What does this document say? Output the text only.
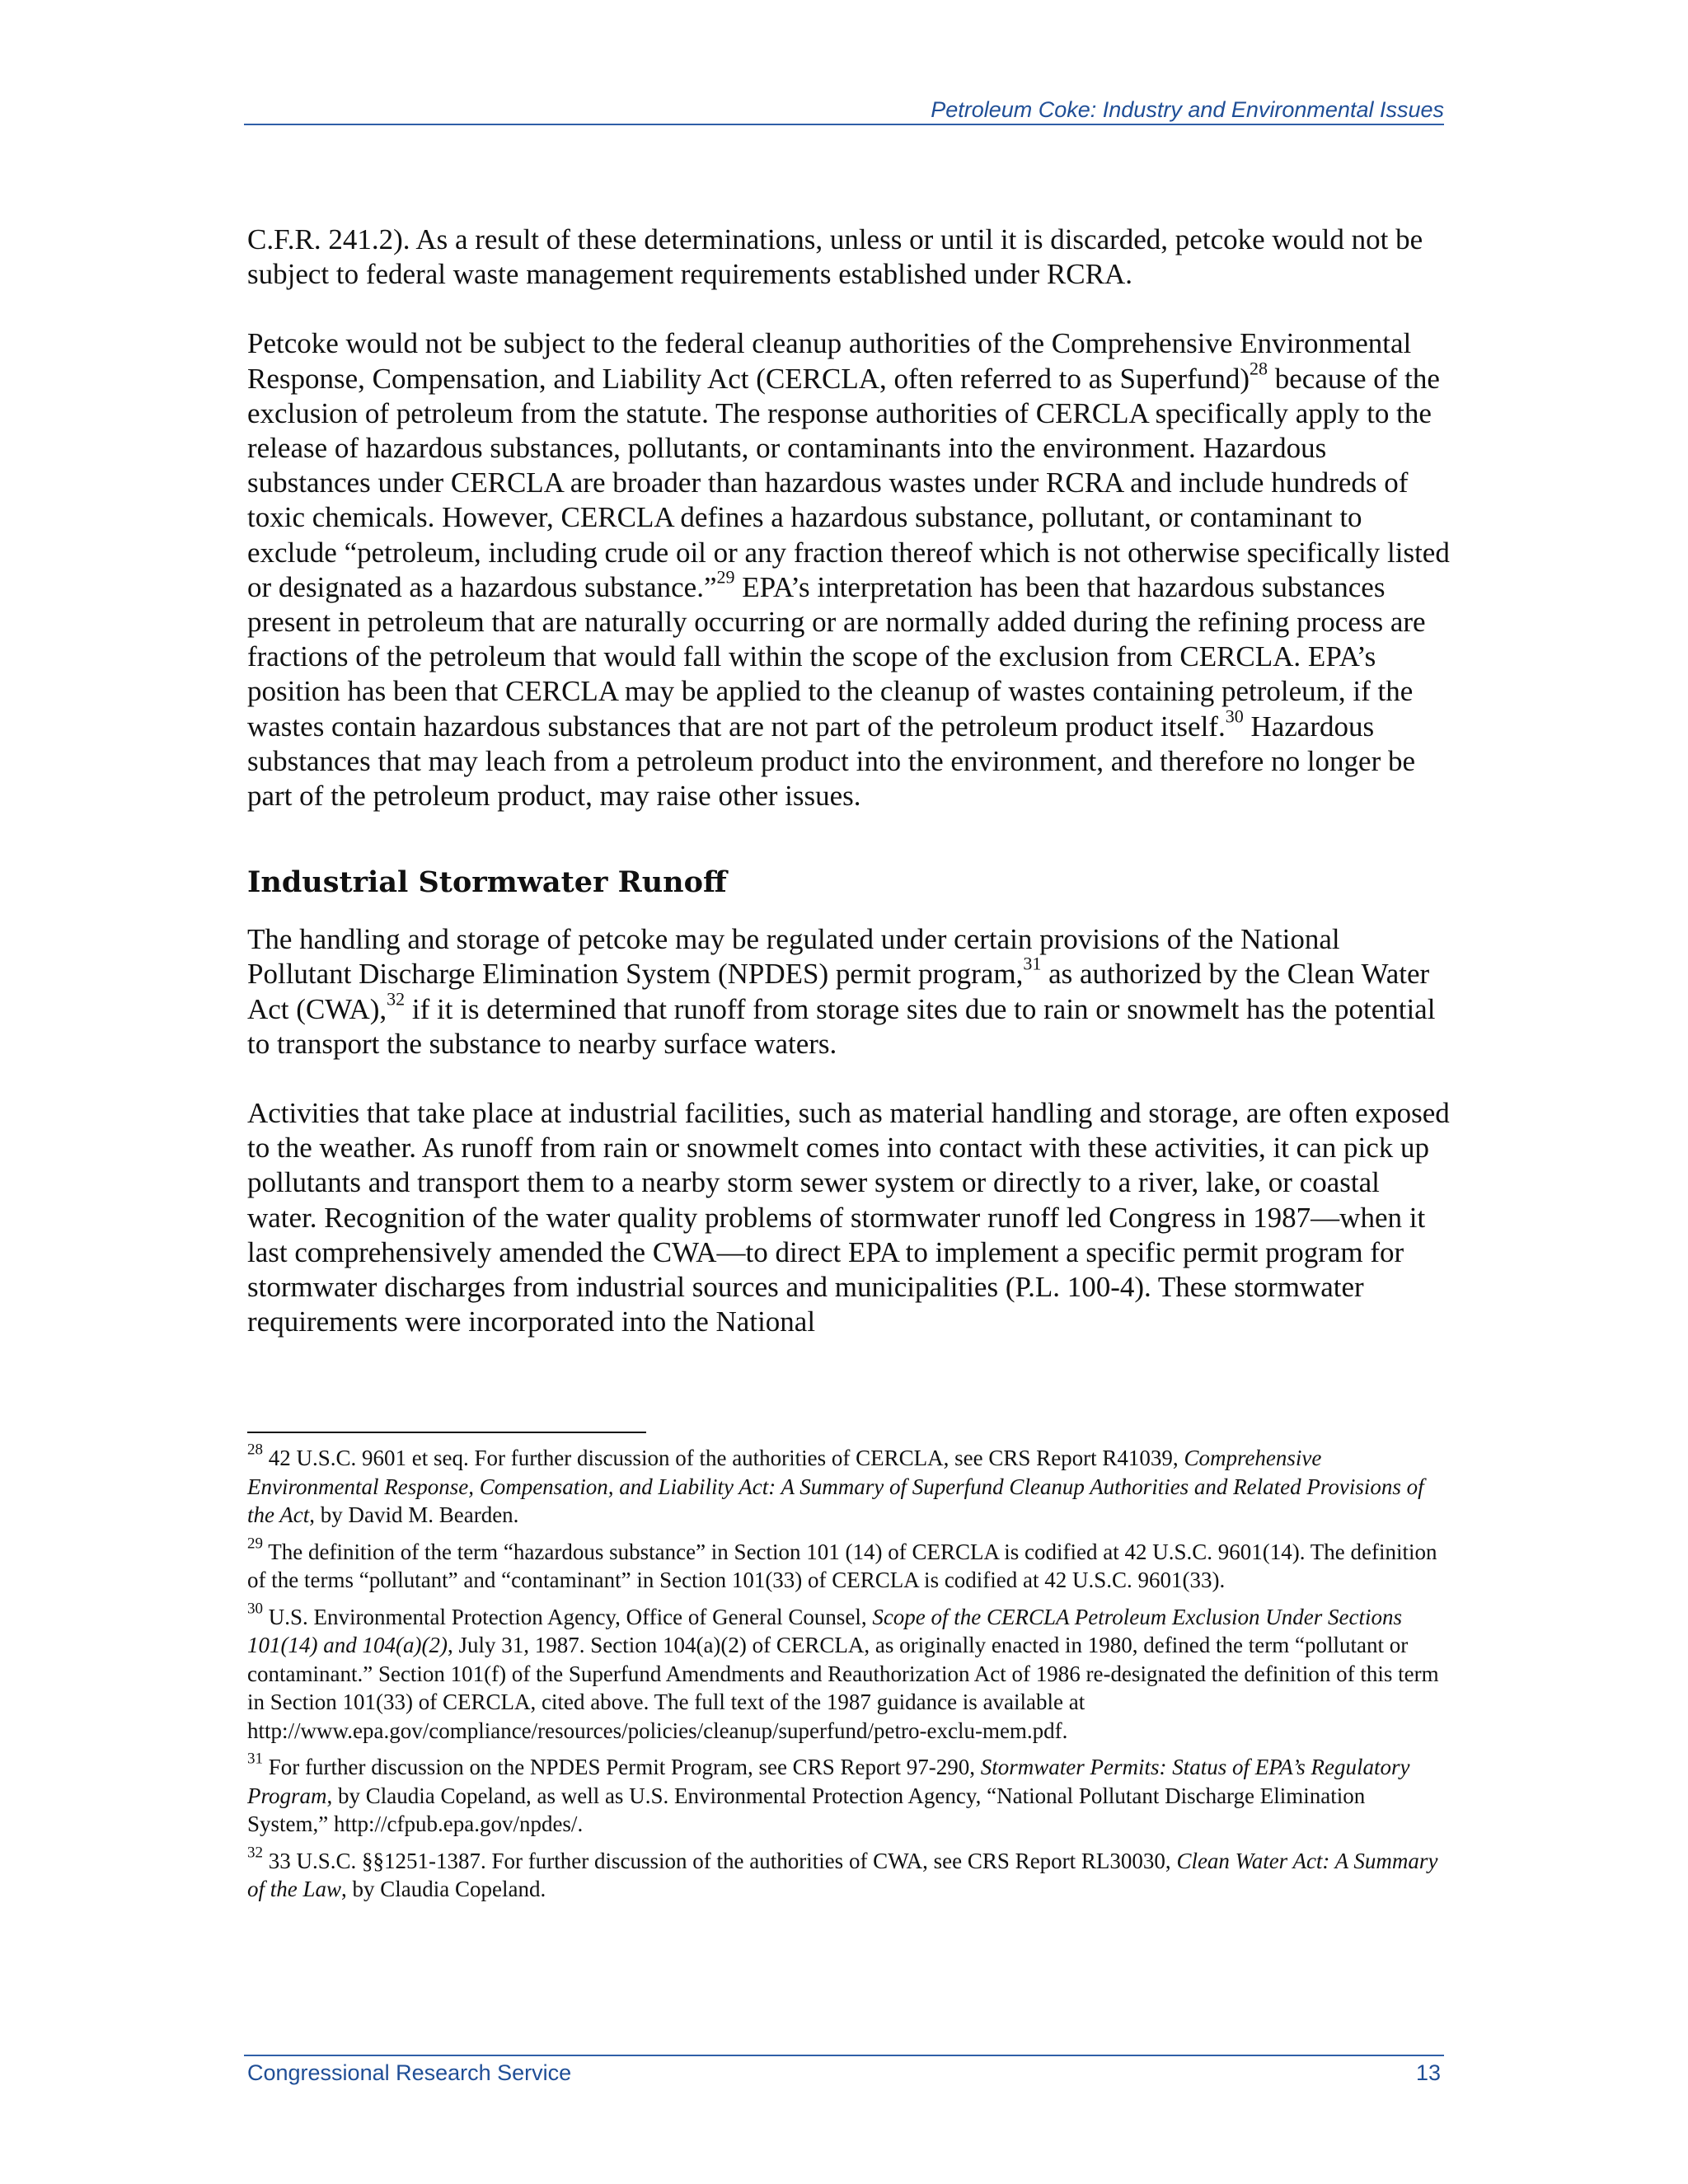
Petroleum Coke: Industry and Environmental Issues

C.F.R. 241.2). As a result of these determinations, unless or until it is discarded, petcoke would not be subject to federal waste management requirements established under RCRA.

Petcoke would not be subject to the federal cleanup authorities of the Comprehensive Environmental Response, Compensation, and Liability Act (CERCLA, often referred to as Superfund)$^{28}$ because of the exclusion of petroleum from the statute. The response authorities of CERCLA specifically apply to the release of hazardous substances, pollutants, or contaminants into the environment. Hazardous substances under CERCLA are broader than hazardous wastes under RCRA and include hundreds of toxic chemicals. However, CERCLA defines a hazardous substance, pollutant, or contaminant to exclude “petroleum, including crude oil or any fraction thereof which is not otherwise specifically listed or designated as a hazardous substance.”$^{29}$ EPA’s interpretation has been that hazardous substances present in petroleum that are naturally occurring or are normally added during the refining process are fractions of the petroleum that would fall within the scope of the exclusion from CERCLA. EPA’s position has been that CERCLA may be applied to the cleanup of wastes containing petroleum, if the wastes contain hazardous substances that are not part of the petroleum product itself.$^{30}$ Hazardous substances that may leach from a petroleum product into the environment, and therefore no longer be part of the petroleum product, may raise other issues.

Industrial Stormwater Runoff

The handling and storage of petcoke may be regulated under certain provisions of the National Pollutant Discharge Elimination System (NPDES) permit program,$^{31}$ as authorized by the Clean Water Act (CWA),$^{32}$ if it is determined that runoff from storage sites due to rain or snowmelt has the potential to transport the substance to nearby surface waters.

Activities that take place at industrial facilities, such as material handling and storage, are often exposed to the weather. As runoff from rain or snowmelt comes into contact with these activities, it can pick up pollutants and transport them to a nearby storm sewer system or directly to a river, lake, or coastal water. Recognition of the water quality problems of stormwater runoff led Congress in 1987—when it last comprehensively amended the CWA—to direct EPA to implement a specific permit program for stormwater discharges from industrial sources and municipalities (P.L. 100-4). These stormwater requirements were incorporated into the National

$^{28}$ 42 U.S.C. 9601 et seq. For further discussion of the authorities of CERCLA, see CRS Report R41039, Comprehensive Environmental Response, Compensation, and Liability Act: A Summary of Superfund Cleanup Authorities and Related Provisions of the Act, by David M. Bearden.

$^{29}$ The definition of the term “hazardous substance” in Section 101 (14) of CERCLA is codified at 42 U.S.C. 9601(14). The definition of the terms “pollutant” and “contaminant” in Section 101(33) of CERCLA is codified at 42 U.S.C. 9601(33).

$^{30}$ U.S. Environmental Protection Agency, Office of General Counsel, Scope of the CERCLA Petroleum Exclusion Under Sections 101(14) and 104(a)(2), July 31, 1987. Section 104(a)(2) of CERCLA, as originally enacted in 1980, defined the term “pollutant or contaminant.” Section 101(f) of the Superfund Amendments and Reauthorization Act of 1986 re-designated the definition of this term in Section 101(33) of CERCLA, cited above. The full text of the 1987 guidance is available at http://www.epa.gov/compliance/resources/policies/cleanup/superfund/petro-exclu-mem.pdf.

$^{31}$ For further discussion on the NPDES Permit Program, see CRS Report 97-290, Stormwater Permits: Status of EPA’s Regulatory Program, by Claudia Copeland, as well as U.S. Environmental Protection Agency, “National Pollutant Discharge Elimination System,” http://cfpub.epa.gov/npdes/.

$^{32}$ 33 U.S.C. §§1251-1387. For further discussion of the authorities of CWA, see CRS Report RL30030, Clean Water Act: A Summary of the Law, by Claudia Copeland.

Congressional Research Service	13
